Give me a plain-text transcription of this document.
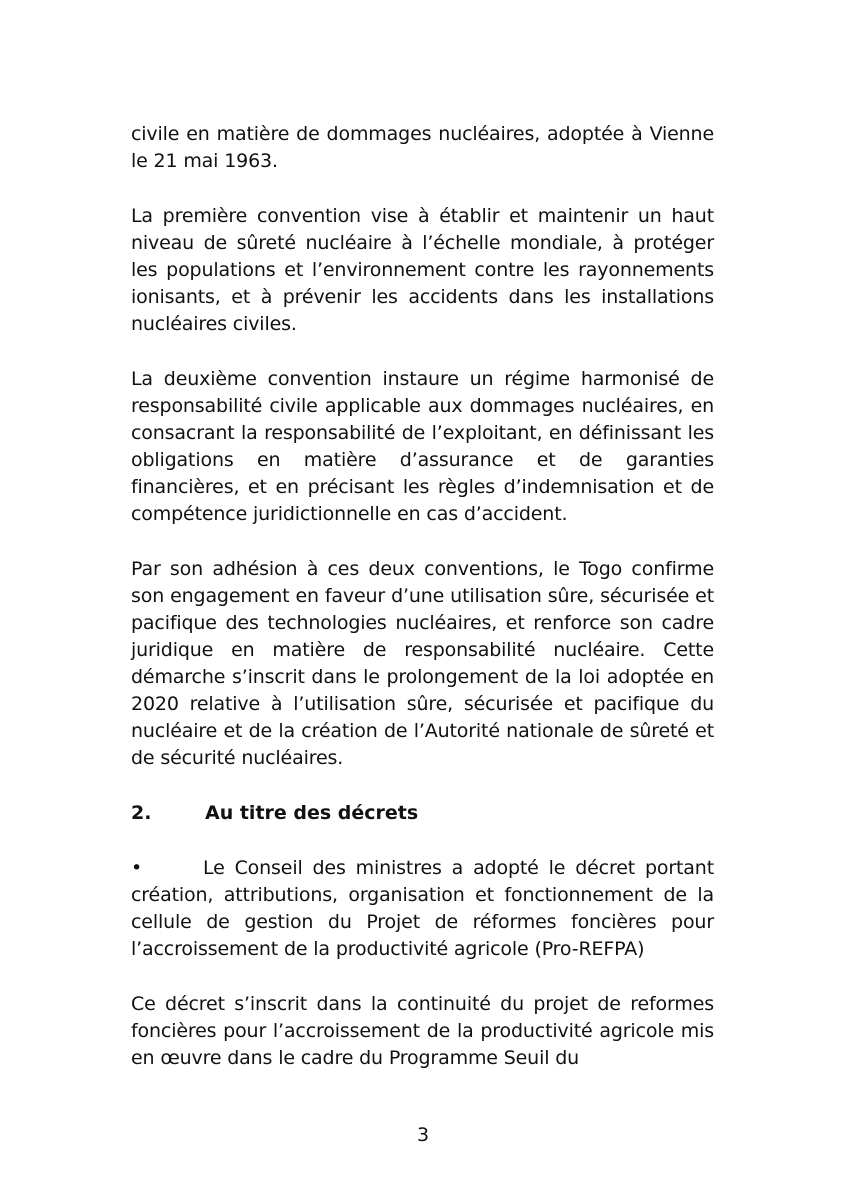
civile en matière de dommages nucléaires, adoptée à Vienne le 21 mai 1963.

La première convention vise à établir et maintenir un haut niveau de sûreté nucléaire à l’échelle mondiale, à protéger les populations et l’environnement contre les rayonnements ionisants, et à prévenir les accidents dans les installations nucléaires civiles.

La deuxième convention instaure un régime harmonisé de responsabilité civile applicable aux dommages nucléaires, en consacrant la responsabilité de l’exploitant, en définissant les obligations en matière d’assurance et de garanties financières, et en précisant les règles d’indemnisation et de compétence juridictionnelle en cas d’accident.

Par son adhésion à ces deux conventions, le Togo confirme son engagement en faveur d’une utilisation sûre, sécurisée et pacifique des technologies nucléaires, et renforce son cadre juridique en matière de responsabilité nucléaire. Cette démarche s’inscrit dans le prolongement de la loi adoptée en 2020 relative à l’utilisation sûre, sécurisée et pacifique du nucléaire et de la création de l’Autorité nationale de sûreté et de sécurité nucléaires.

2.	Au titre des décrets

•	Le Conseil des ministres a adopté le décret portant création, attributions, organisation et fonctionnement de la cellule de gestion du Projet de réformes foncières pour l’accroissement de la productivité agricole (Pro-REFPA)

Ce décret s’inscrit dans la continuité du projet de reformes foncières pour l’accroissement de la productivité agricole mis en œuvre dans le cadre du Programme Seuil du

3
